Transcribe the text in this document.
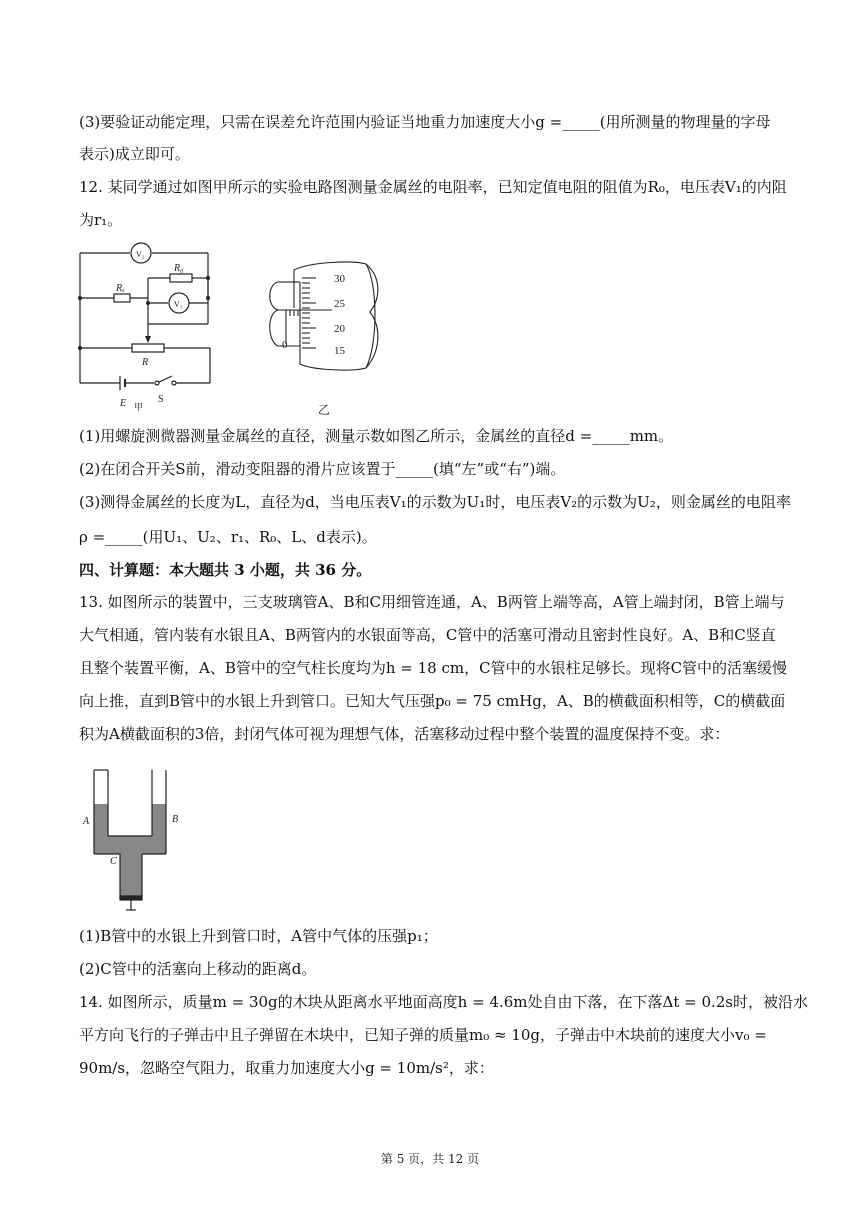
(3)要验证动能定理，只需在误差允许范围内验证当地重力加速度大小g =_____(用所测量的物理量的字母
表示)成立即可。
12. 某同学通过如图甲所示的实验电路图测量金属丝的电阻率，已知定值电阻的阻值为R₀，电压表V₁的内阻
为r₁。
V₂
R₀
Rₓ
V₁
R
E 甲
S
30
25
20
15
0
乙
(1)用螺旋测微器测量金属丝的直径，测量示数如图乙所示，金属丝的直径d =_____mm。
(2)在闭合开关S前，滑动变阻器的滑片应该置于_____(填“左”或“右”)端。
(3)测得金属丝的长度为L，直径为d，当电压表V₁的示数为U₁时，电压表V₂的示数为U₂，则金属丝的电阻率
ρ =_____(用U₁、U₂、r₁、R₀、L、d表示)。
四、计算题：本大题共 3 小题，共 36 分。
13. 如图所示的装置中，三支玻璃管A、B和C用细管连通，A、B两管上端等高，A管上端封闭，B管上端与
大气相通，管内装有水银且A、B两管内的水银面等高，C管中的活塞可滑动且密封性良好。A、B和C竖直
且整个装置平衡，A、B管中的空气柱长度均为h = 18 cm，C管中的水银柱足够长。现将C管中的活塞缓慢
向上推，直到B管中的水银上升到管口。已知大气压强p₀ = 75 cmHg，A、B的横截面积相等，C的横截面
积为A横截面积的3倍，封闭气体可视为理想气体，活塞移动过程中整个装置的温度保持不变。求：
A	B
C
(1)B管中的水银上升到管口时，A管中气体的压强p₁；
(2)C管中的活塞向上移动的距离d。
14. 如图所示，质量m = 30g的木块从距离水平地面高度h = 4.6m处自由下落，在下落Δt = 0.2s时，被沿水
平方向飞行的子弹击中且子弹留在木块中，已知子弹的质量m₀ ≈ 10g，子弹击中木块前的速度大小v₀ =
90m/s，忽略空气阻力，取重力加速度大小g = 10m/s²，求：
第 5 页，共 12 页
